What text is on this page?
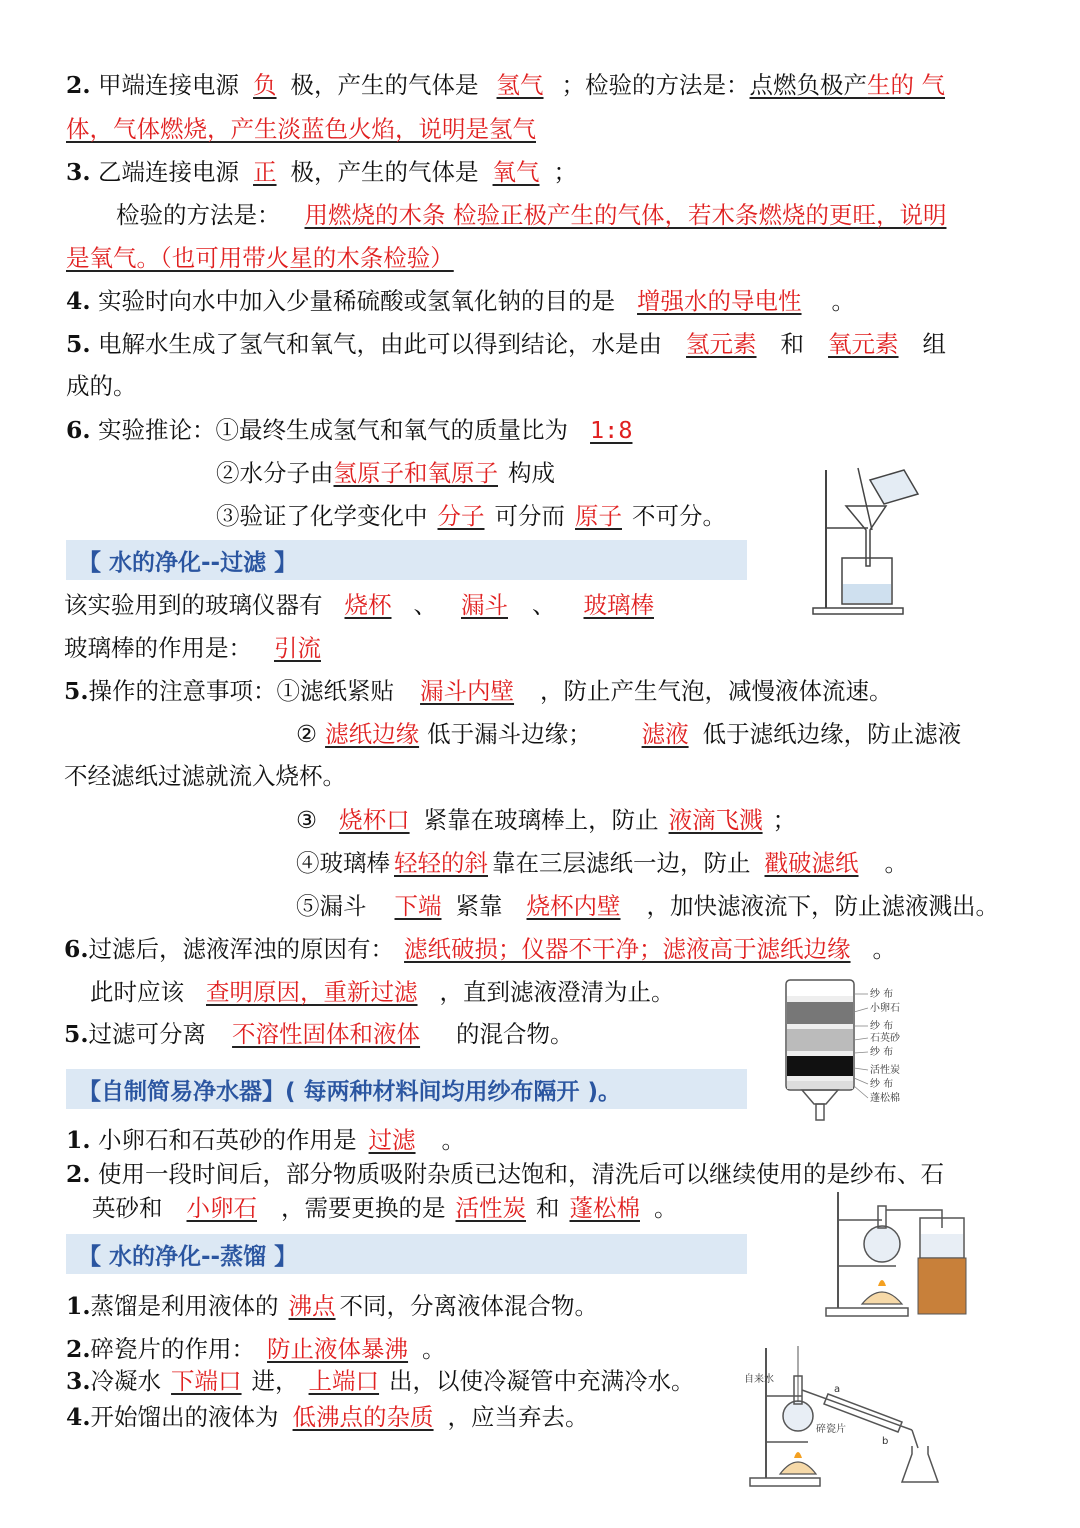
2. 甲端连接电源 负 极，产生的气体是 氢气 ；检验的方法是：点燃负极产生的 气
体，气体燃烧，产生淡蓝色火焰，说明是氢气
3. 乙端连接电源 正 极，产生的气体是 氧气 ；
检验的方法是： 用燃烧的木条 检验正极产生的气体，若木条燃烧的更旺，说明
是氧气。（也可用带火星的木条检验）
4. 实验时向水中加入少量稀硫酸或氢氧化钠的目的是 增强水的导电性 。
5. 电解水生成了氢气和氧气，由此可以得到结论，水是由 氢元素 和 氧元素 组
成的。
6. 实验推论：①最终生成氢气和氧气的质量比为 1:8
②水分子由氢原子和氧原子 构成
③验证了化学变化中 分子 可分而 原子 不可分。
【 水的净化--过滤 】
该实验用到的玻璃仪器有 烧杯 、 漏斗 、 玻璃棒
玻璃棒的作用是： 引流
5.操作的注意事项：①滤纸紧贴 漏斗内壁 ，防止产生气泡，减慢液体流速。
② 滤纸边缘 低于漏斗边缘； 滤液 低于滤纸边缘，防止滤液
不经滤纸过滤就流入烧杯。
③ 烧杯口 紧靠在玻璃棒上，防止 液滴飞溅 ；
④玻璃棒 轻轻的斜 靠在三层滤纸一边，防止 戳破滤纸 。
⑤漏斗 下端 紧靠 烧杯内壁 ，加快滤液流下，防止滤液溅出。
6.过滤后，滤液浑浊的原因有： 滤纸破损；仪器不干净；滤液高于滤纸边缘 。
此时应该 查明原因，重新过滤 ，直到滤液澄清为止。
5.过滤可分离 不溶性固体和液体 的混合物。
纱 布
小卵石
纱 布
石英砂
纱 布
活性炭
纱 布
蓬松棉
【自制简易净水器】( 每两种材料间均用纱布隔开 )。
1. 小卵石和石英砂的作用是 过滤 。
2. 使用一段时间后，部分物质吸附杂质已达饱和，清洗后可以继续使用的是纱布、石
英砂和 小卵石 ，需要更换的是 活性炭 和 蓬松棉 。
【 水的净化--蒸馏 】
1.蒸馏是利用液体的 沸点 不同，分离液体混合物。
2.碎瓷片的作用： 防止液体暴沸 。
3.冷凝水 下端口 进， 上端口 出，以使冷凝管中充满冷水。
4.开始馏出的液体为 低沸点的杂质 ，应当弃去。
自来水
碎瓷片
a
b
